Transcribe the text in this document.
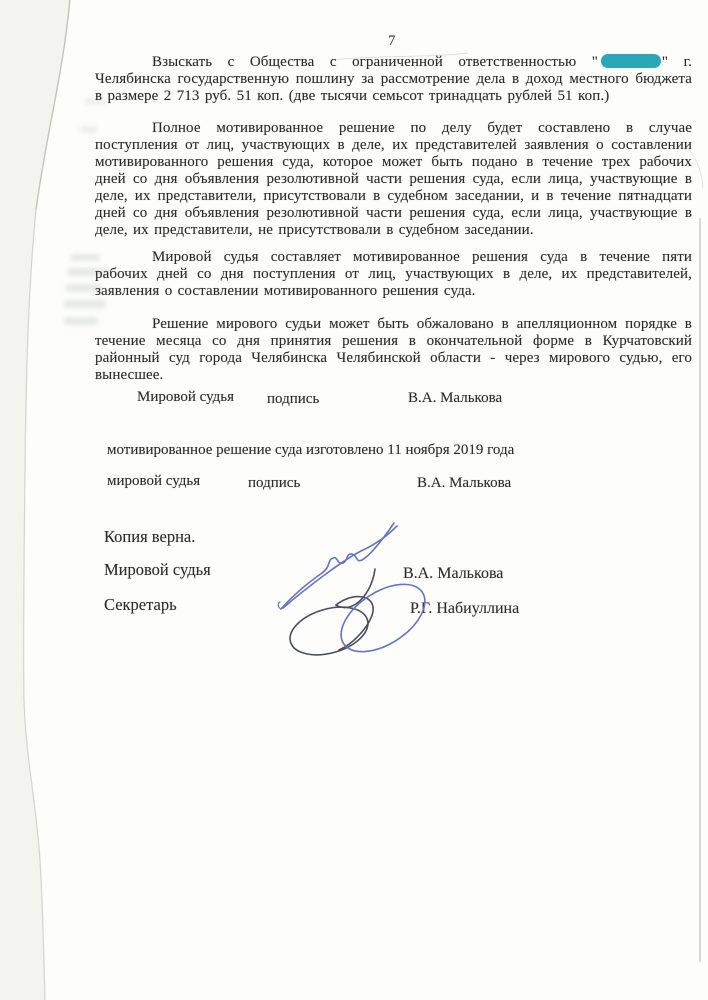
7

Взыскать с Общества с ограниченной ответственностью "	" г. Челябинска государственную пошлину за рассмотрение дела в доход местного бюджета в размере 2 713 руб. 51 коп. (две тысячи семьсот тринадцать рублей 51 коп.)

Полное мотивированное решение по делу будет составлено в случае поступления от лиц, участвующих в деле, их представителей заявления о составлении мотивированного решения суда, которое может быть подано в течение трех рабочих дней со дня объявления резолютивной части решения суда, если лица, участвующие в деле, их представители, присутствовали в судебном заседании, и в течение пятнадцати дней со дня объявления резолютивной части решения суда, если лица, участвующие в деле, их представители, не присутствовали в судебном заседании.

Мировой судья составляет мотивированное решения суда в течение пяти рабочих дней со дня поступления от лиц, участвующих в деле, их представителей, заявления о составлении мотивированного решения суда.

Решение мирового судьи может быть обжаловано в апелляционном порядке в течение месяца со дня принятия решения в окончательной форме в Курчатовский районный суд города Челябинска Челябинской области - через мирового судью, его вынесшее.

Мировой судья подпись	В.А. Малькова
мотивированное решение суда изготовлено 11 ноября 2019 года
мировой судья	подпись	В.А. Малькова
Копия верна.
Мировой судья	В.А. Малькова
Секретарь	Р.Г. Набиуллина
